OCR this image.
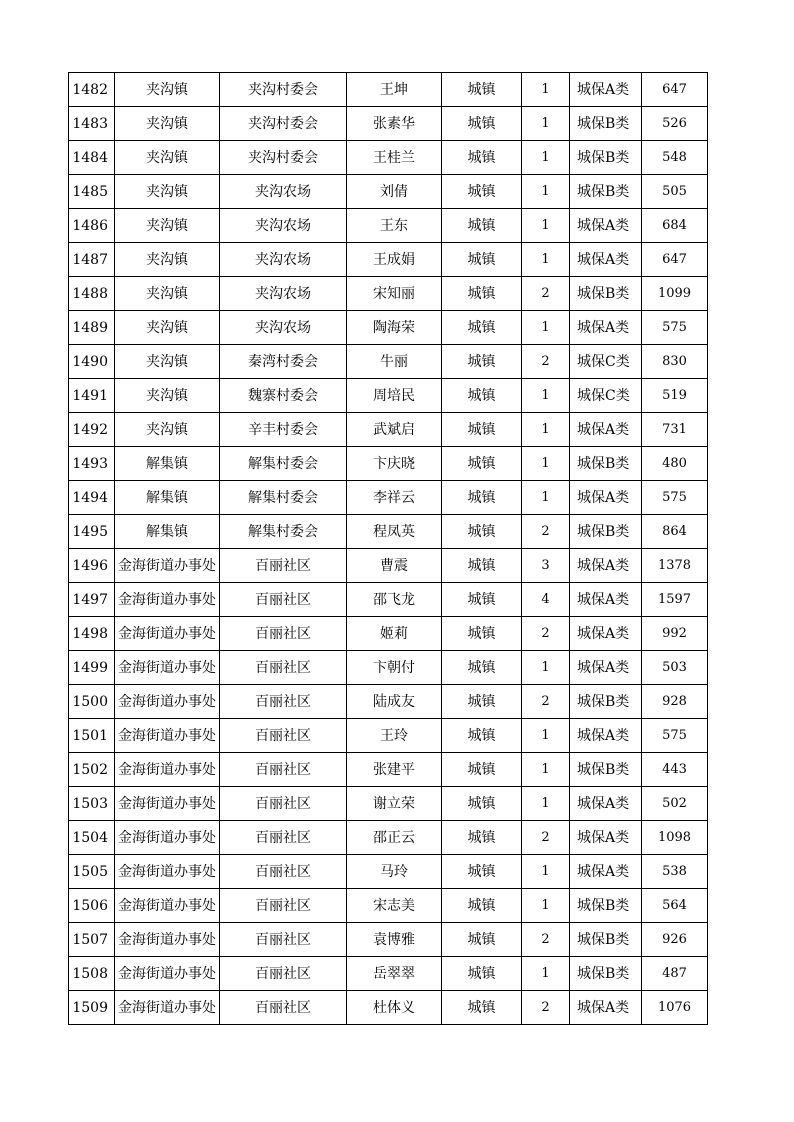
1482	夹沟镇	夹沟村委会	王坤	城镇	1	城保A类	647
1483	夹沟镇	夹沟村委会	张素华	城镇	1	城保B类	526
1484	夹沟镇	夹沟村委会	王桂兰	城镇	1	城保B类	548
1485	夹沟镇	夹沟农场	刘倩	城镇	1	城保B类	505
1486	夹沟镇	夹沟农场	王东	城镇	1	城保A类	684
1487	夹沟镇	夹沟农场	王成娟	城镇	1	城保A类	647
1488	夹沟镇	夹沟农场	宋知丽	城镇	2	城保B类	1099
1489	夹沟镇	夹沟农场	陶海荣	城镇	1	城保A类	575
1490	夹沟镇	秦湾村委会	牛丽	城镇	2	城保C类	830
1491	夹沟镇	魏寨村委会	周培民	城镇	1	城保C类	519
1492	夹沟镇	辛丰村委会	武斌启	城镇	1	城保A类	731
1493	解集镇	解集村委会	卞庆晓	城镇	1	城保B类	480
1494	解集镇	解集村委会	李祥云	城镇	1	城保A类	575
1495	解集镇	解集村委会	程凤英	城镇	2	城保B类	864
1496	金海街道办事处	百丽社区	曹震	城镇	3	城保A类	1378
1497	金海街道办事处	百丽社区	邵飞龙	城镇	4	城保A类	1597
1498	金海街道办事处	百丽社区	姬莉	城镇	2	城保A类	992
1499	金海街道办事处	百丽社区	卞朝付	城镇	1	城保A类	503
1500	金海街道办事处	百丽社区	陆成友	城镇	2	城保B类	928
1501	金海街道办事处	百丽社区	王玲	城镇	1	城保A类	575
1502	金海街道办事处	百丽社区	张建平	城镇	1	城保B类	443
1503	金海街道办事处	百丽社区	谢立荣	城镇	1	城保A类	502
1504	金海街道办事处	百丽社区	邵正云	城镇	2	城保A类	1098
1505	金海街道办事处	百丽社区	马玲	城镇	1	城保A类	538
1506	金海街道办事处	百丽社区	宋志美	城镇	1	城保B类	564
1507	金海街道办事处	百丽社区	袁博雅	城镇	2	城保B类	926
1508	金海街道办事处	百丽社区	岳翠翠	城镇	1	城保B类	487
1509	金海街道办事处	百丽社区	杜体义	城镇	2	城保A类	1076
